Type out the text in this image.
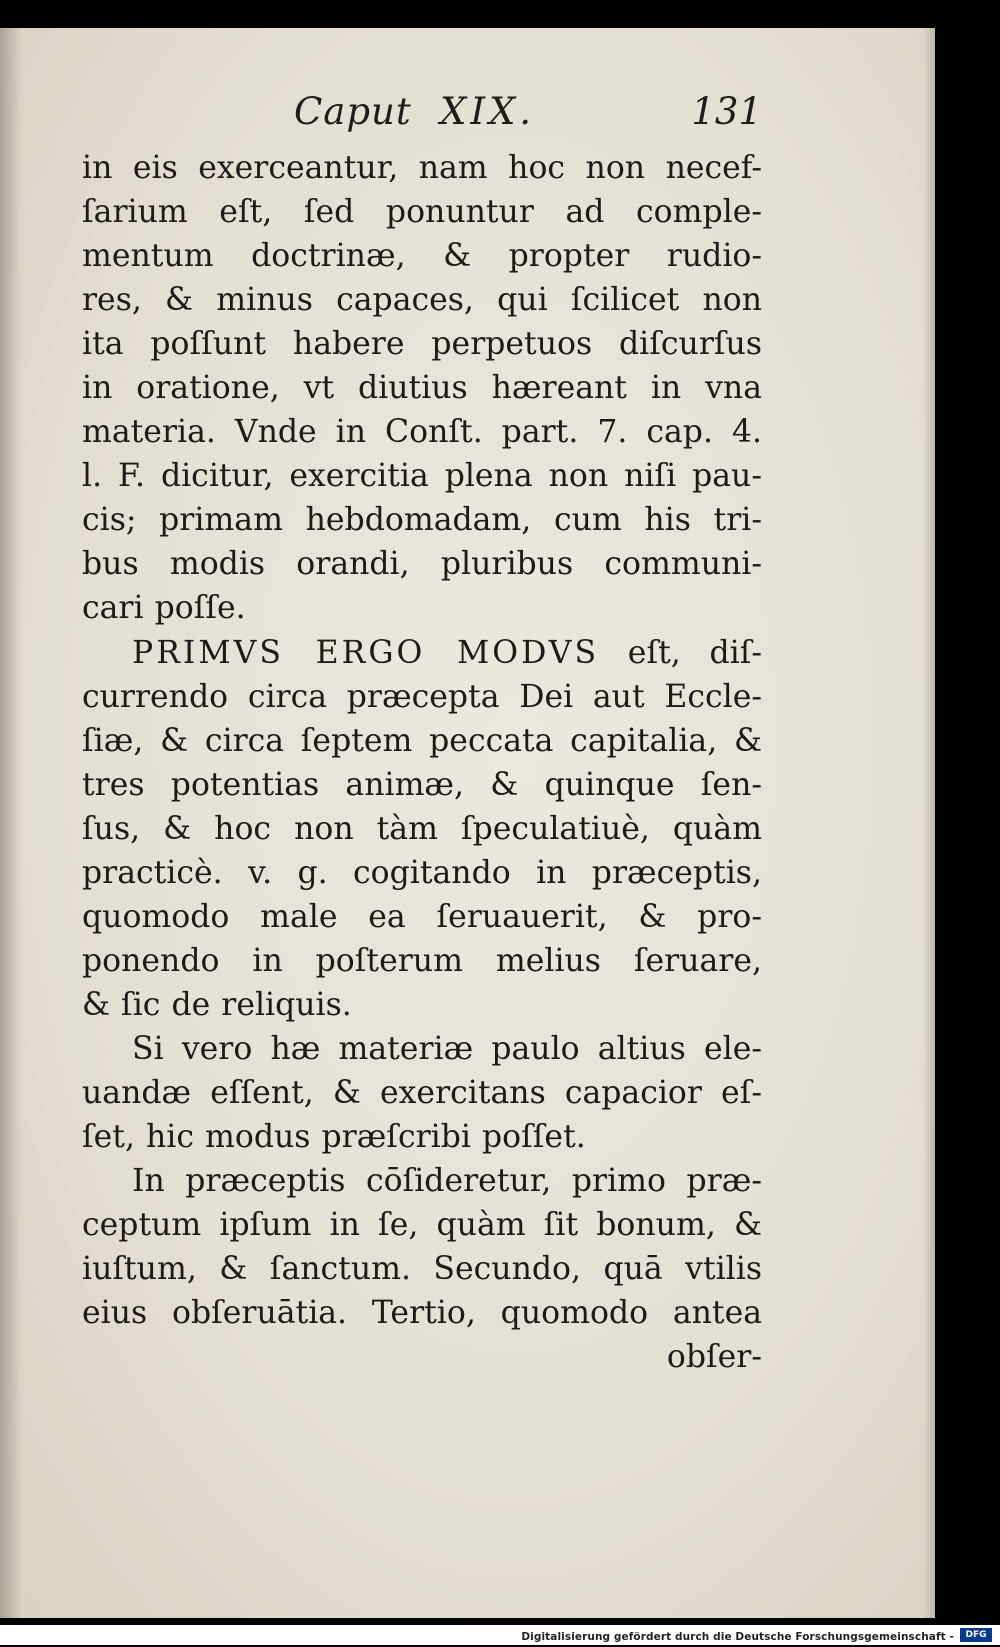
Caput XIX.	131
in eis exerceantur, nam hoc non necef-
ſarium eſt, ſed ponuntur ad comple-
mentum doctrinæ, & propter rudio-
res, & minus capaces, qui ſcilicet non
ita poſſunt habere perpetuos diſcurſus
in oratione, vt diutius hæreant in vna
materia. Vnde in Conſt. part. 7. cap. 4.
l. F. dicitur, exercitia plena non niſi pau-
cis; primam hebdomadam, cum his tri-
bus modis orandi, pluribus communi-
cari poſſe.
PRIMVS ERGO MODVS eſt, diſ-
currendo circa præcepta Dei aut Eccle-
ſiæ, & circa ſeptem peccata capitalia, &
tres potentias animæ, & quinque ſen-
ſus, & hoc non tàm ſpeculatiuè, quàm
practicè. v. g. cogitando in præceptis,
quomodo male ea ſeruauerit, & pro-
ponendo in poſterum melius ſeruare,
& ſic de reliquis.
Si vero hæ materiæ paulo altius ele-
uandæ eſſent, & exercitans capacior eſ-
ſet, hic modus præſcribi poſſet.
In præceptis cōſideretur, primo præ-
ceptum ipſum in ſe, quàm ſit bonum, &
iuſtum, & ſanctum. Secundo, quā vtilis
eius obſeruātia. Tertio, quomodo antea
obſer-
Digitalisierung gefördert durch die Deutsche Forschungsgemeinschaft -	DFG
